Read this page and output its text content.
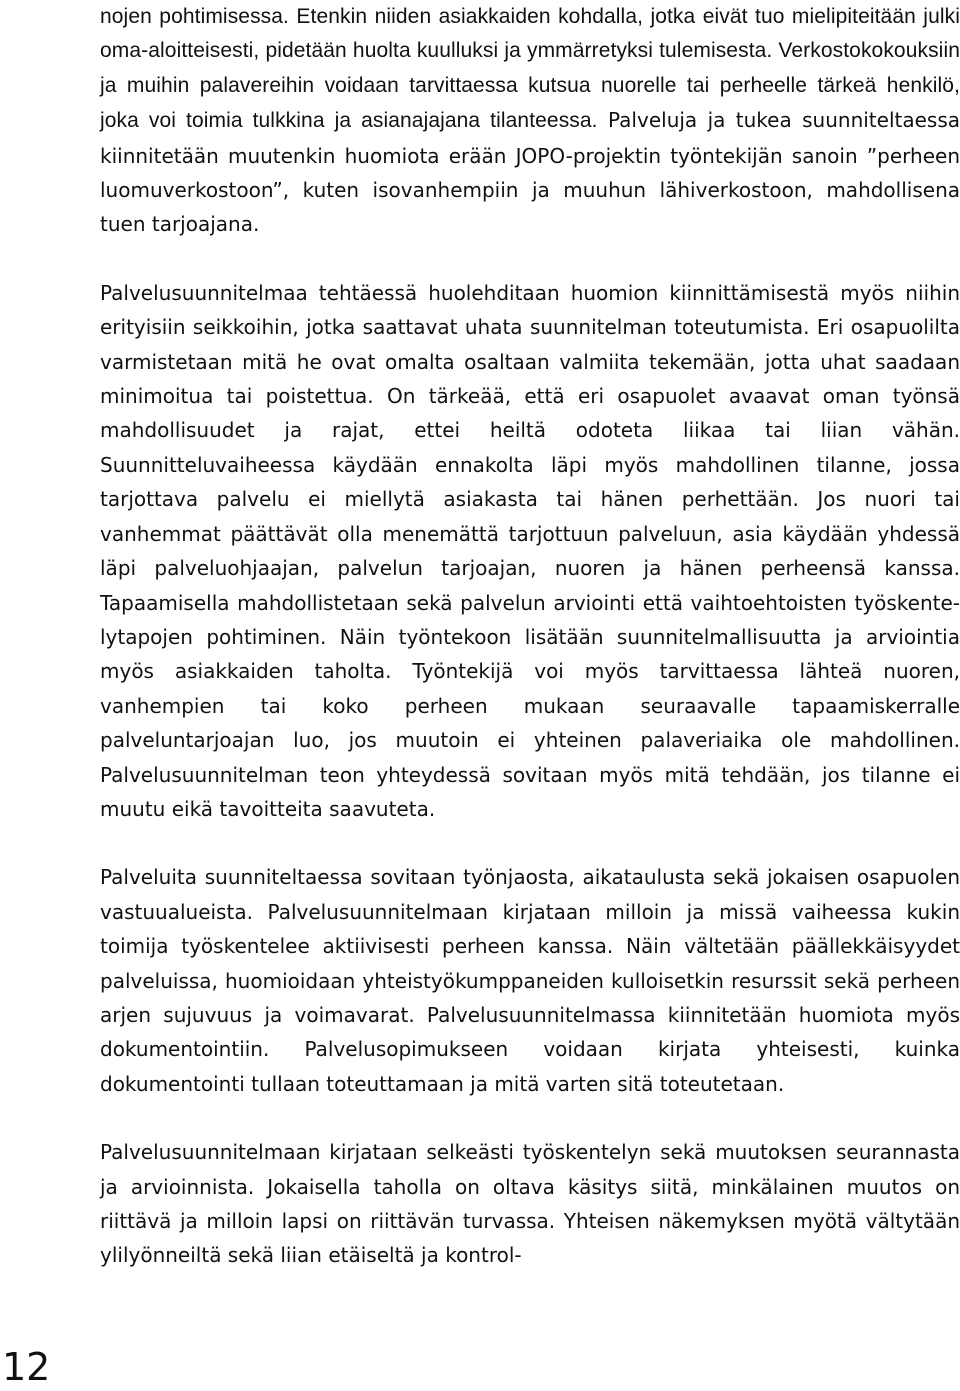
nojen pohtimisessa. Etenkin niiden asiakkaiden kohdalla, jotka eivät tuo mielipiteitään julki oma-aloitteisesti, pidetään huolta kuulluksi ja ymmärretyksi tulemisesta. Verkostokokouksiin ja muihin palavereihin voidaan tarvittaessa kutsua nuorelle tai perheelle tärkeä henkilö, joka voi toimia tulkkina ja asianajajana tilanteessa. Palveluja ja tukea suunniteltaessa kiinnitetään muutenkin huomiota erään JOPO-projektin työntekijän sanoin ”perheen luomuverkostoon”, kuten isovanhempiin ja muuhun lähiverkostoon, mahdollisena tuen tarjoajana.

Palvelusuunnitelmaa tehtäessä huolehditaan huomion kiinnittämisestä myös niihin erityisiin seikkoihin, jotka saattavat uhata suunnitelman toteutumista. Eri osapuolilta varmistetaan mitä he ovat omalta osaltaan valmiita tekemään, jotta uhat saadaan minimoitua tai poistettua. On tärkeää, että eri osapuolet avaavat oman työnsä mahdollisuudet ja rajat, ettei heiltä odoteta liikaa tai liian vähän. Suunnitteluvaiheessa käydään ennakolta läpi myös mahdollinen tilanne, jossa tarjottava palvelu ei miellytä asiakasta tai hänen perhettään. Jos nuori tai vanhemmat päättävät olla menemättä tarjottuun palveluun, asia käydään yhdessä läpi palveluohjaajan, palvelun tarjoajan, nuoren ja hänen perheensä kanssa. Tapaamisella mahdollistetaan sekä palvelun arviointi että vaihtoehtoisten työskentelytapojen pohtiminen. Näin työntekoon lisätään suunnitelmallisuutta ja arviointia myös asiakkaiden taholta. Työntekijä voi myös tarvittaessa lähteä nuoren, vanhempien tai koko perheen mukaan seuraavalle tapaamiskerralle palveluntarjoajan luo, jos muutoin ei yhteinen palaveriaika ole mahdollinen. Palvelusuunnitelman teon yhteydessä sovitaan myös mitä tehdään, jos tilanne ei muutu eikä tavoitteita saavuteta.

Palveluita suunniteltaessa sovitaan työnjaosta, aikataulusta sekä jokaisen osapuolen vastuualueista. Palvelusuunnitelmaan kirjataan milloin ja missä vaiheessa kukin toimija työskentelee aktiivisesti perheen kanssa. Näin vältetään päällekkäisyydet palveluissa, huomioidaan yhteistyökumppaneiden kulloisetkin resurssit sekä perheen arjen sujuvuus ja voimavarat. Palvelusuunnitelmassa kiinnitetään huomiota myös dokumentointiin. Palvelusopimukseen voidaan kirjata yhteisesti, kuinka dokumentointi tullaan toteuttamaan ja mitä varten sitä toteutetaan.

Palvelusuunnitelmaan kirjataan selkeästi työskentelyn sekä muutoksen seurannasta ja arvioinnista. Jokaisella taholla on oltava käsitys siitä, minkälainen muutos on riittävä ja milloin lapsi on riittävän turvassa. Yhteisen näkemyksen myötä vältytään ylilyönneiltä sekä liian etäiseltä ja kontrol-

12
